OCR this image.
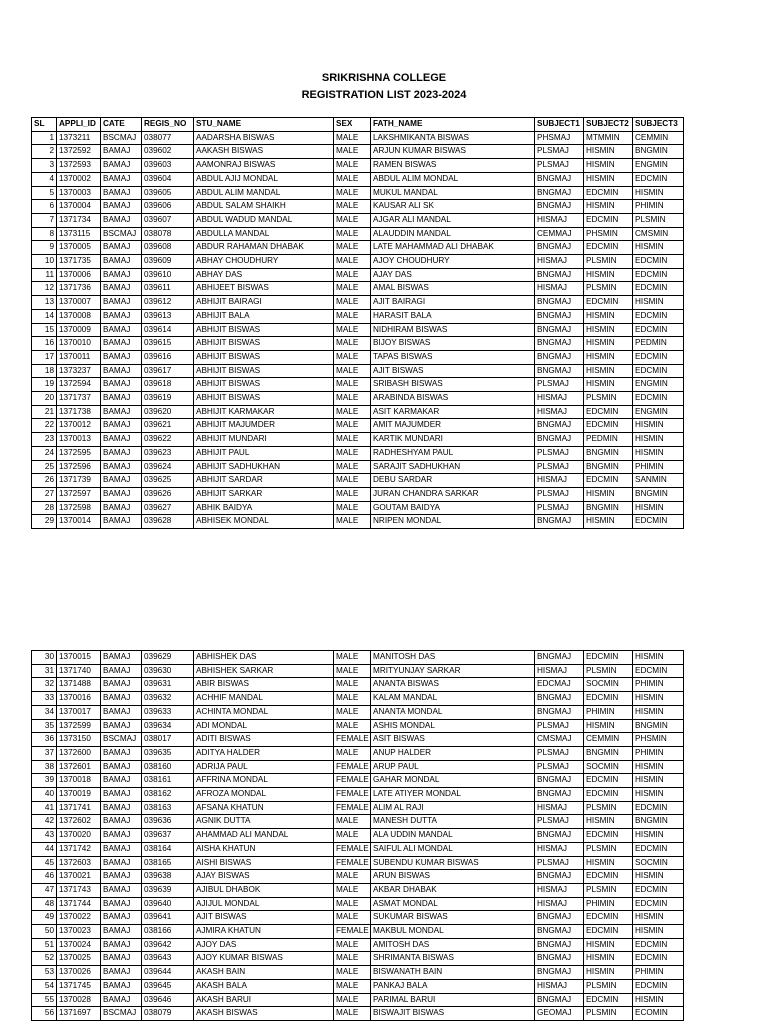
SRIKRISHNA COLLEGE
REGISTRATION LIST 2023-2024
SL	APPLI_ID	CATE	REGIS_NO	STU_NAME	SEX	FATH_NAME	SUBJECT1	SUBJECT2	SUBJECT3
1	1373211	BSCMAJ	038077	AADARSHA BISWAS	MALE	LAKSHMIKANTA BISWAS	PHSMAJ	MTMMIN	CEMMIN
2	1372592	BAMAJ	039602	AAKASH BISWAS	MALE	ARJUN KUMAR BISWAS	PLSMAJ	HISMIN	BNGMIN
3	1372593	BAMAJ	039603	AAMONRAJ BISWAS	MALE	RAMEN BISWAS	PLSMAJ	HISMIN	ENGMIN
4	1370002	BAMAJ	039604	ABDUL AJIJ MONDAL	MALE	ABDUL ALIM MONDAL	BNGMAJ	HISMIN	EDCMIN
5	1370003	BAMAJ	039605	ABDUL ALIM MANDAL	MALE	MUKUL MANDAL	BNGMAJ	EDCMIN	HISMIN
6	1370004	BAMAJ	039606	ABDUL SALAM SHAIKH	MALE	KAUSAR ALI SK	BNGMAJ	HISMIN	PHIMIN
7	1371734	BAMAJ	039607	ABDUL WADUD MANDAL	MALE	AJGAR ALI MANDAL	HISMAJ	EDCMIN	PLSMIN
8	1373115	BSCMAJ	038078	ABDULLA MANDAL	MALE	ALAUDDIN MANDAL	CEMMAJ	PHSMIN	CMSMIN
9	1370005	BAMAJ	039608	ABDUR RAHAMAN DHABAK	MALE	LATE MAHAMMAD ALI DHABAK	BNGMAJ	EDCMIN	HISMIN
10	1371735	BAMAJ	039609	ABHAY CHOUDHURY	MALE	AJOY CHOUDHURY	HISMAJ	PLSMIN	EDCMIN
11	1370006	BAMAJ	039610	ABHAY DAS	MALE	AJAY DAS	BNGMAJ	HISMIN	EDCMIN
12	1371736	BAMAJ	039611	ABHIJEET BISWAS	MALE	AMAL BISWAS	HISMAJ	PLSMIN	EDCMIN
13	1370007	BAMAJ	039612	ABHIJIT BAIRAGI	MALE	AJIT BAIRAGI	BNGMAJ	EDCMIN	HISMIN
14	1370008	BAMAJ	039613	ABHIJIT BALA	MALE	HARASIT BALA	BNGMAJ	HISMIN	EDCMIN
15	1370009	BAMAJ	039614	ABHIJIT BISWAS	MALE	NIDHIRAM BISWAS	BNGMAJ	HISMIN	EDCMIN
16	1370010	BAMAJ	039615	ABHIJIT BISWAS	MALE	BIJOY BISWAS	BNGMAJ	HISMIN	PEDMIN
17	1370011	BAMAJ	039616	ABHIJIT BISWAS	MALE	TAPAS BISWAS	BNGMAJ	HISMIN	EDCMIN
18	1373237	BAMAJ	039617	ABHIJIT BISWAS	MALE	AJIT BISWAS	BNGMAJ	HISMIN	EDCMIN
19	1372594	BAMAJ	039618	ABHIJIT BISWAS	MALE	SRIBASH BISWAS	PLSMAJ	HISMIN	ENGMIN
20	1371737	BAMAJ	039619	ABHIJIT BISWAS	MALE	ARABINDA BISWAS	HISMAJ	PLSMIN	EDCMIN
21	1371738	BAMAJ	039620	ABHIJIT KARMAKAR	MALE	ASIT KARMAKAR	HISMAJ	EDCMIN	ENGMIN
22	1370012	BAMAJ	039621	ABHIJIT MAJUMDER	MALE	AMIT MAJUMDER	BNGMAJ	EDCMIN	HISMIN
23	1370013	BAMAJ	039622	ABHIJIT MUNDARI	MALE	KARTIK MUNDARI	BNGMAJ	PEDMIN	HISMIN
24	1372595	BAMAJ	039623	ABHIJIT PAUL	MALE	RADHESHYAM PAUL	PLSMAJ	BNGMIN	HISMIN
25	1372596	BAMAJ	039624	ABHIJIT SADHUKHAN	MALE	SARAJIT SADHUKHAN	PLSMAJ	BNGMIN	PHIMIN
26	1371739	BAMAJ	039625	ABHIJIT SARDAR	MALE	DEBU SARDAR	HISMAJ	EDCMIN	SANMIN
27	1372597	BAMAJ	039626	ABHIJIT SARKAR	MALE	JURAN CHANDRA SARKAR	PLSMAJ	HISMIN	BNGMIN
28	1372598	BAMAJ	039627	ABHIK BAIDYA	MALE	GOUTAM BAIDYA	PLSMAJ	BNGMIN	HISMIN
29	1370014	BAMAJ	039628	ABHISEK MONDAL	MALE	NRIPEN MONDAL	BNGMAJ	HISMIN	EDCMIN
30	1370015	BAMAJ	039629	ABHISHEK DAS	MALE	MANITOSH DAS	BNGMAJ	EDCMIN	HISMIN
31	1371740	BAMAJ	039630	ABHISHEK SARKAR	MALE	MRITYUNJAY SARKAR	HISMAJ	PLSMIN	EDCMIN
32	1371488	BAMAJ	039631	ABIR BISWAS	MALE	ANANTA BISWAS	EDCMAJ	SOCMIN	PHIMIN
33	1370016	BAMAJ	039632	ACHHIF MANDAL	MALE	KALAM MANDAL	BNGMAJ	EDCMIN	HISMIN
34	1370017	BAMAJ	039633	ACHINTA MONDAL	MALE	ANANTA MONDAL	BNGMAJ	PHIMIN	HISMIN
35	1372599	BAMAJ	039634	ADI MONDAL	MALE	ASHIS MONDAL	PLSMAJ	HISMIN	BNGMIN
36	1373150	BSCMAJ	038017	ADITI BISWAS	FEMALE	ASIT BISWAS	CMSMAJ	CEMMIN	PHSMIN
37	1372600	BAMAJ	039635	ADITYA HALDER	MALE	ANUP HALDER	PLSMAJ	BNGMIN	PHIMIN
38	1372601	BAMAJ	038160	ADRIJA PAUL	FEMALE	ARUP PAUL	PLSMAJ	SOCMIN	HISMIN
39	1370018	BAMAJ	038161	AFFRINA MONDAL	FEMALE	GAHAR MONDAL	BNGMAJ	EDCMIN	HISMIN
40	1370019	BAMAJ	038162	AFROZA MONDAL	FEMALE	LATE ATIYER MONDAL	BNGMAJ	EDCMIN	HISMIN
41	1371741	BAMAJ	038163	AFSANA KHATUN	FEMALE	ALIM AL RAJI	HISMAJ	PLSMIN	EDCMIN
42	1372602	BAMAJ	039636	AGNIK DUTTA	MALE	MANESH DUTTA	PLSMAJ	HISMIN	BNGMIN
43	1370020	BAMAJ	039637	AHAMMAD ALI MANDAL	MALE	ALA UDDIN MANDAL	BNGMAJ	EDCMIN	HISMIN
44	1371742	BAMAJ	038164	AISHA KHATUN	FEMALE	SAIFUL ALI MONDAL	HISMAJ	PLSMIN	EDCMIN
45	1372603	BAMAJ	038165	AISHI BISWAS	FEMALE	SUBENDU KUMAR BISWAS	PLSMAJ	HISMIN	SOCMIN
46	1370021	BAMAJ	039638	AJAY BISWAS	MALE	ARUN BISWAS	BNGMAJ	EDCMIN	HISMIN
47	1371743	BAMAJ	039639	AJIBUL DHABOK	MALE	AKBAR DHABAK	HISMAJ	PLSMIN	EDCMIN
48	1371744	BAMAJ	039640	AJIJUL MONDAL	MALE	ASMAT MONDAL	HISMAJ	PHIMIN	EDCMIN
49	1370022	BAMAJ	039641	AJIT BISWAS	MALE	SUKUMAR BISWAS	BNGMAJ	EDCMIN	HISMIN
50	1370023	BAMAJ	038166	AJMIRA KHATUN	FEMALE	MAKBUL MONDAL	BNGMAJ	EDCMIN	HISMIN
51	1370024	BAMAJ	039642	AJOY DAS	MALE	AMITOSH DAS	BNGMAJ	HISMIN	EDCMIN
52	1370025	BAMAJ	039643	AJOY KUMAR BISWAS	MALE	SHRIMANTA BISWAS	BNGMAJ	HISMIN	EDCMIN
53	1370026	BAMAJ	039644	AKASH BAIN	MALE	BISWANATH BAIN	BNGMAJ	HISMIN	PHIMIN
54	1371745	BAMAJ	039645	AKASH BALA	MALE	PANKAJ BALA	HISMAJ	PLSMIN	EDCMIN
55	1370028	BAMAJ	039646	AKASH BARUI	MALE	PARIMAL BARUI	BNGMAJ	EDCMIN	HISMIN
56	1371697	BSCMAJ	038079	AKASH BISWAS	MALE	BISWAJIT BISWAS	GEOMAJ	PLSMIN	ECOMIN
